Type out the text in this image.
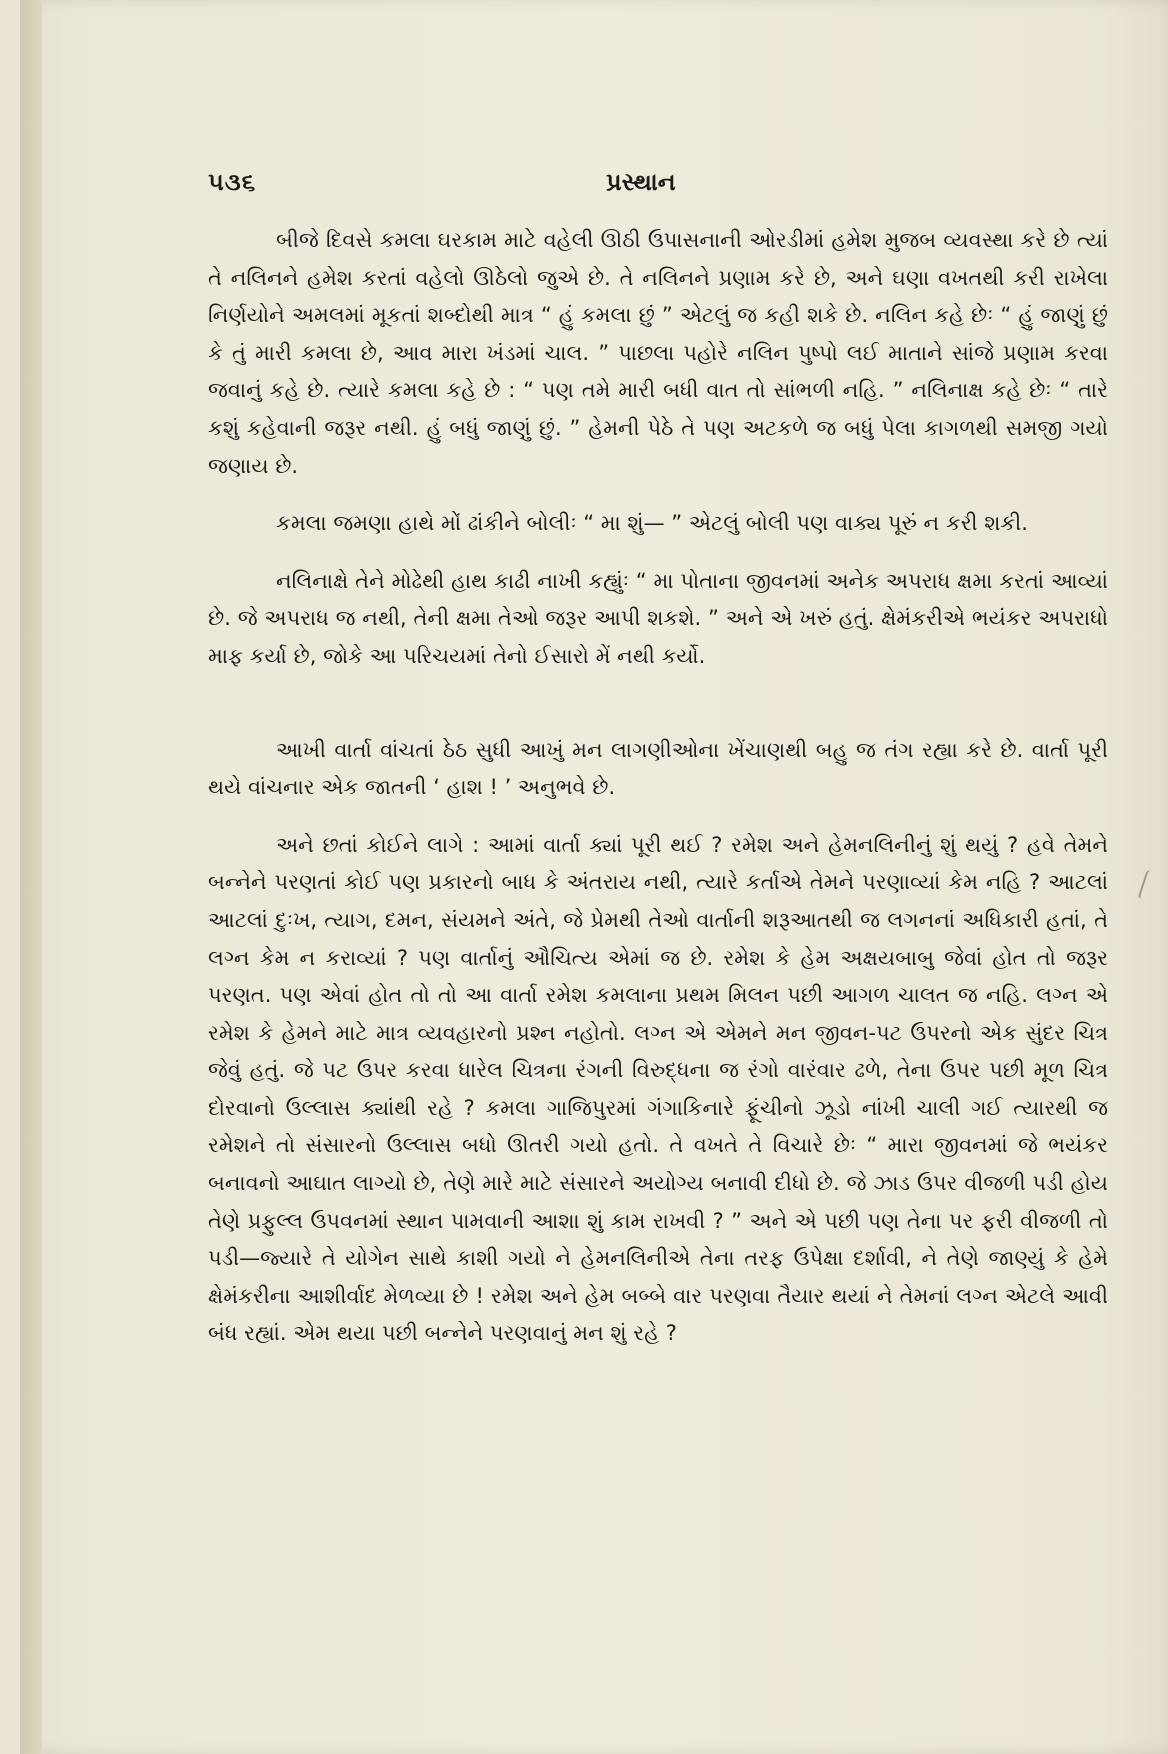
૫૩૬	પ્રસ્થાન

બીજે દિવસે કમલા ઘરકામ માટે વહેલી ઊઠી ઉપાસનાની ઓરડીમાં હમેશ મુજબ વ્યવસ્થા કરે છે ત્યાં તે નલિનને હમેશ કરતાં વહેલો ઊઠેલો જુએ છે. તે નલિનને પ્રણામ કરે છે, અને ઘણા વખતથી કરી રાખેલા નિર્ણયોને અમલમાં મૂકતાં શબ્દોથી માત્ર “ હું કમલા છું ” એટલું જ કહી શકે છે. નલિન કહે છેઃ “ હું જાણું છું કે તું મારી કમલા છે, આવ મારા ખંડમાં ચાલ. ” પાછલા પહોરે નલિન પુષ્પો લઈ માતાને સાંજે પ્રણામ કરવા જવાનું કહે છે. ત્યારે કમલા કહે છે : “ પણ તમે મારી બધી વાત તો સાંભળી નહિ. ” નલિનાક્ષ કહે છેઃ “ તારે કશું કહેવાની જરૂર નથી. હું બધું જાણું છું. ” હેમની પેઠે તે પણ અટકળે જ બધું પેલા કાગળથી સમજી ગયો જણાય છે.

કમલા જમણા હાથે મોં ઢાંકીને બોલીઃ “ મા શું— ” એટલું બોલી પણ વાક્ય પૂરું ન કરી શકી.

નલિનાક્ષે તેને મોઢેથી હાથ કાઢી નાખી કહ્યુંઃ “ મા પોતાના જીવનમાં અનેક અપરાધ ક્ષમા કરતાં આવ્યાં છે. જે અપરાધ જ નથી, તેની ક્ષમા તેઓ જરૂર આપી શકશે. ” અને એ ખરું હતું. ક્ષેમંકરીએ ભયંકર અપરાધો માફ કર્યા છે, જોકે આ પરિચયમાં તેનો ઈસારો મેં નથી કર્યો.

આખી વાર્તા વાંચતાં ઠેઠ સુધી આખું મન લાગણીઓના ખેંચાણથી બહુ જ તંગ રહ્યા કરે છે. વાર્તા પૂરી થયે વાંચનાર એક જાતની ‘ હાશ ! ’ અનુભવે છે.

અને છતાં કોઈને લાગે : આમાં વાર્તા ક્યાં પૂરી થઈ ? રમેશ અને હેમનલિનીનું શું થયું ? હવે તેમને બન્નેને પરણતાં કોઈ પણ પ્રકારનો બાધ કે અંતરાય નથી, ત્યારે કર્તાએ તેમને પરણાવ્યાં કેમ નહિ ? આટલાં આટલાં દુઃખ, ત્યાગ, દમન, સંયમને અંતે, જે પ્રેમથી તેઓ વાર્તાની શરૂઆતથી જ લગનનાં અધિકારી હતાં, તે લગ્ન કેમ ન કરાવ્યાં ? પણ વાર્તાનું ઔચિત્ય એમાં જ છે. રમેશ કે હેમ અક્ષયબાબુ જેવાં હોત તો જરૂર પરણત. પણ એવાં હોત તો તો આ વાર્તા રમેશ કમલાના પ્રથમ મિલન પછી આગળ ચાલત જ નહિ. લગ્ન એ રમેશ કે હેમને માટે માત્ર વ્યવહારનો પ્રશ્ન નહોતો. લગ્ન એ એમને મન જીવન-પટ ઉપરનો એક સુંદર ચિત્ર જેવું હતું. જે પટ ઉપર કરવા ધારેલ ચિત્રના રંગની વિરુદ્ધના જ રંગો વારંવાર ઢળે, તેના ઉપર પછી મૂળ ચિત્ર દોરવાનો ઉલ્લાસ ક્યાંથી રહે ? કમલા ગાજિપુરમાં ગંગાકિનારે ફૂંચીનો ઝૂડો નાંખી ચાલી ગઈ ત્યારથી જ રમેશને તો સંસારનો ઉલ્લાસ બધો ઊતરી ગયો હતો. તે વખતે તે વિચારે છેઃ “ મારા જીવનમાં જે ભયંકર બનાવનો આઘાત લાગ્યો છે, તેણે મારે માટે સંસારને અયોગ્ય બનાવી દીધો છે. જે ઝાડ ઉપર વીજળી પડી હોય તેણે પ્રફુલ્લ ઉપવનમાં સ્થાન પામવાની આશા શું કામ રાખવી ? ” અને એ પછી પણ તેના પર ફરી વીજળી તો પડી—જ્યારે તે યોગેન સાથે કાશી ગયો ને હેમનલિનીએ તેના તરફ ઉપેક્ષા દર્શાવી, ને તેણે જાણ્યું કે હેમે ક્ષેમંકરીના આશીર્વાદ મેળવ્યા છે ! રમેશ અને હેમ બબ્બે વાર પરણવા તૈયાર થયાં ને તેમનાં લગ્ન એટલે આવી બંધ રહ્યાં. એમ થયા પછી બન્નેને પરણવાનું મન શું રહે ?
